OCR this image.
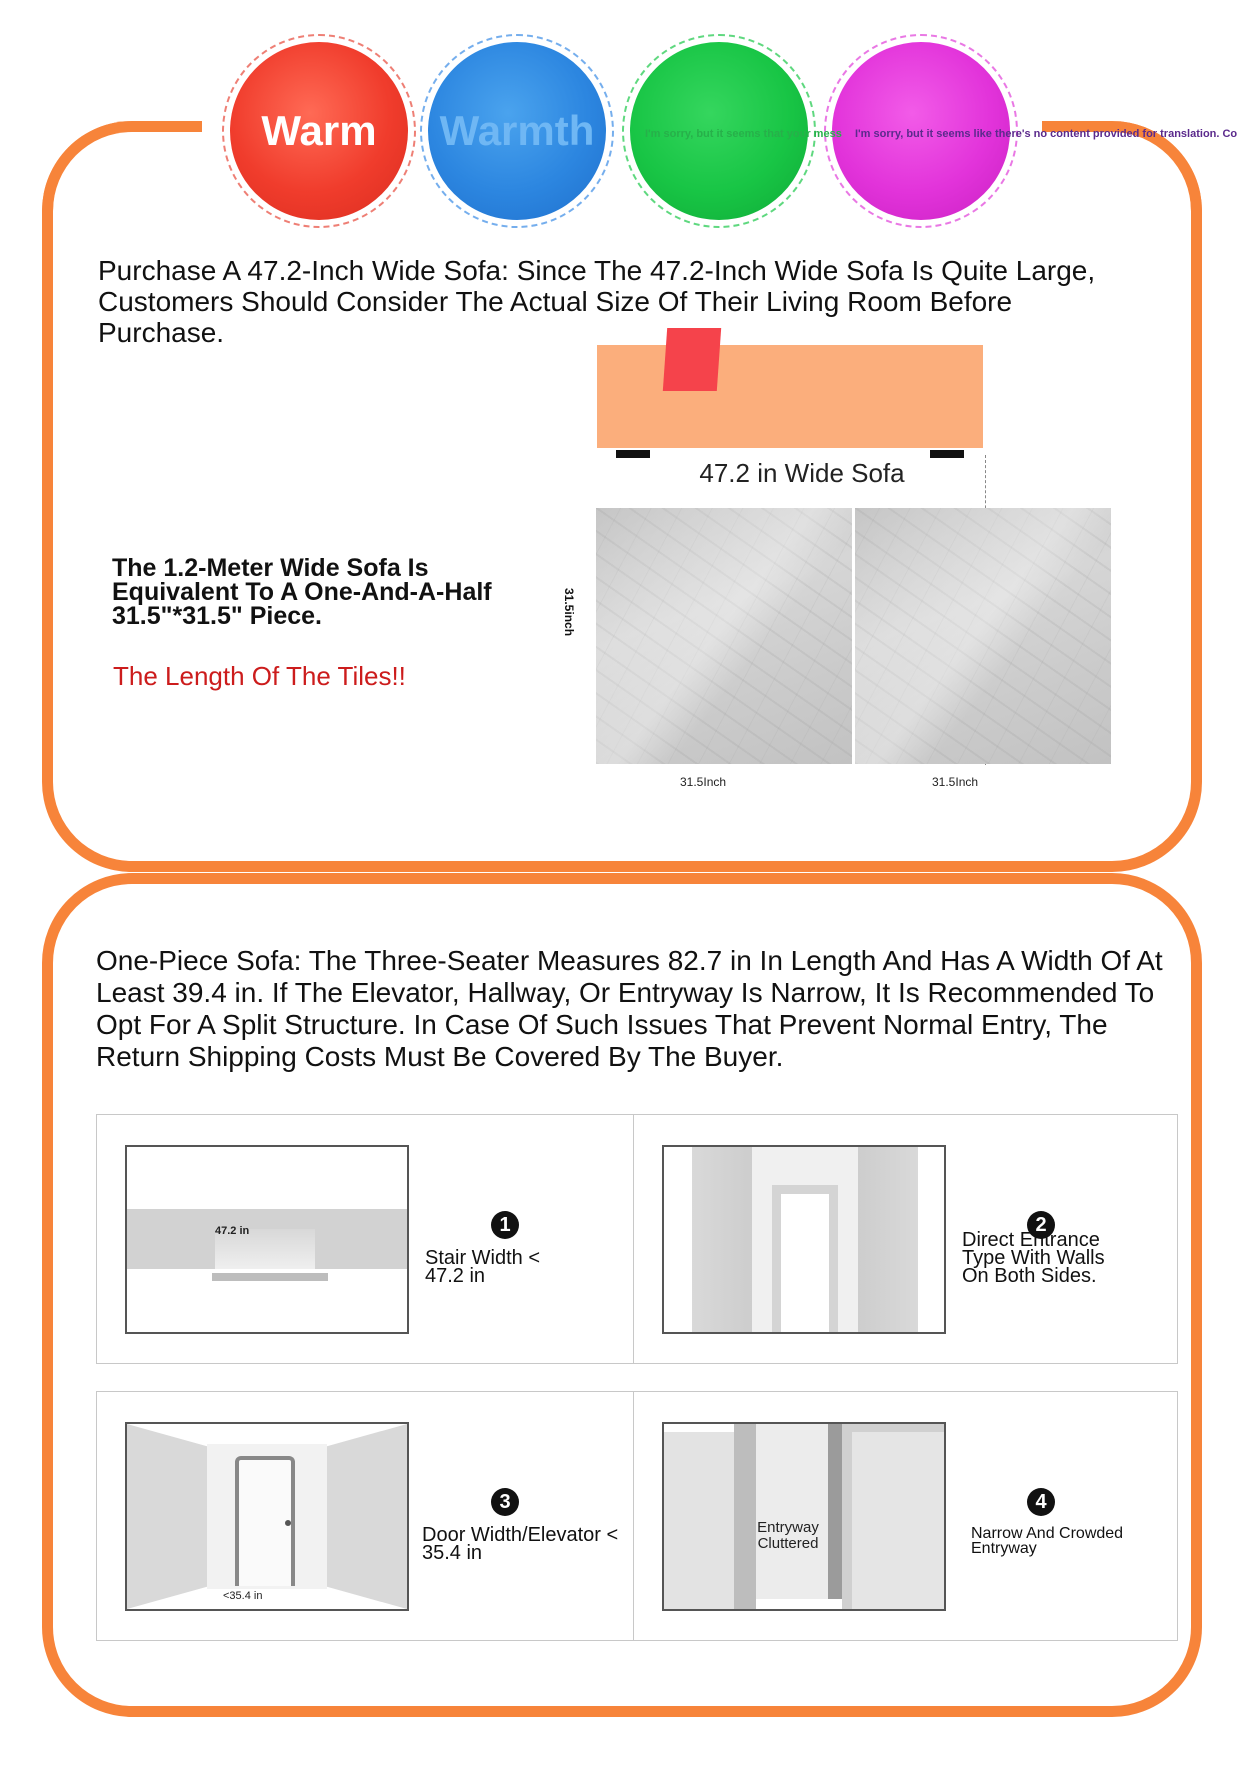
Warm	Warmth	I'm sorry, but it seems that your mess I'm sorry, but it seems like there's no content provided for translation. Co
Purchase A 47.2-Inch Wide Sofa: Since The 47.2-Inch Wide Sofa Is Quite Large, Customers Should Consider The Actual Size Of Their Living Room Before Purchase.
47.2 in Wide Sofa
31.5inch
31.5Inch	31.5Inch
The 1.2-Meter Wide Sofa Is Equivalent To A One-And-A-Half 31.5"*31.5" Piece.
The Length Of The Tiles!!
One-Piece Sofa: The Three-Seater Measures 82.7 in In Length And Has A Width Of At Least 39.4 in. If The Elevator, Hallway, Or Entryway Is Narrow, It Is Recommended To Opt For A Split Structure. In Case Of Such Issues That Prevent Normal Entry, The Return Shipping Costs Must Be Covered By The Buyer.
47.2 in	1
Stair Width < 47.2 in
2
Direct Entrance Type With Walls On Both Sides.
<35.4 in
3
Door Width/Elevator < 35.4 in
Entryway Cluttered
4
Narrow And Crowded Entryway
